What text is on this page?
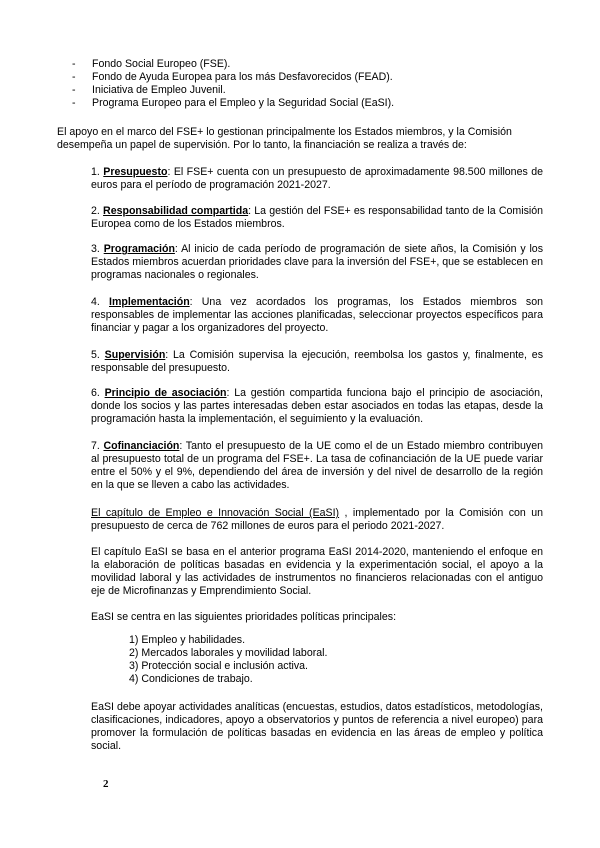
- Fondo Social Europeo (FSE).
- Fondo de Ayuda Europea para los más Desfavorecidos (FEAD).
- Iniciativa de Empleo Juvenil.
- Programa Europeo para el Empleo y la Seguridad Social (EaSI).

El apoyo en el marco del FSE+ lo gestionan principalmente los Estados miembros, y la Comisión desempeña un papel de supervisión. Por lo tanto, la financiación se realiza a través de:

1. Presupuesto: El FSE+ cuenta con un presupuesto de aproximadamente 98.500 millones de euros para el período de programación 2021-2027.

2. Responsabilidad compartida: La gestión del FSE+ es responsabilidad tanto de la Comisión Europea como de los Estados miembros.

3. Programación: Al inicio de cada período de programación de siete años, la Comisión y los Estados miembros acuerdan prioridades clave para la inversión del FSE+, que se establecen en programas nacionales o regionales.

4. Implementación: Una vez acordados los programas, los Estados miembros son responsables de implementar las acciones planificadas, seleccionar proyectos específicos para financiar y pagar a los organizadores del proyecto.

5. Supervisión: La Comisión supervisa la ejecución, reembolsa los gastos y, finalmente, es responsable del presupuesto.

6. Principio de asociación: La gestión compartida funciona bajo el principio de asociación, donde los socios y las partes interesadas deben estar asociados en todas las etapas, desde la programación hasta la implementación, el seguimiento y la evaluación.

7. Cofinanciación: Tanto el presupuesto de la UE como el de un Estado miembro contribuyen al presupuesto total de un programa del FSE+. La tasa de cofinanciación de la UE puede variar entre el 50% y el 9%, dependiendo del área de inversión y del nivel de desarrollo de la región en la que se lleven a cabo las actividades.

El capítulo de Empleo e Innovación Social (EaSI) , implementado por la Comisión con un presupuesto de cerca de 762 millones de euros para el periodo 2021-2027.

El capítulo EaSI se basa en el anterior programa EaSI 2014-2020, manteniendo el enfoque en la elaboración de políticas basadas en evidencia y la experimentación social, el apoyo a la movilidad laboral y las actividades de instrumentos no financieros relacionadas con el antiguo eje de Microfinanzas y Emprendimiento Social.

EaSI se centra en las siguientes prioridades políticas principales:

1) Empleo y habilidades.
2) Mercados laborales y movilidad laboral.
3) Protección social e inclusión activa.
4) Condiciones de trabajo.

EaSI debe apoyar actividades analíticas (encuestas, estudios, datos estadísticos, metodologías, clasificaciones, indicadores, apoyo a observatorios y puntos de referencia a nivel europeo) para promover la formulación de políticas basadas en evidencia en las áreas de empleo y política social.

2
